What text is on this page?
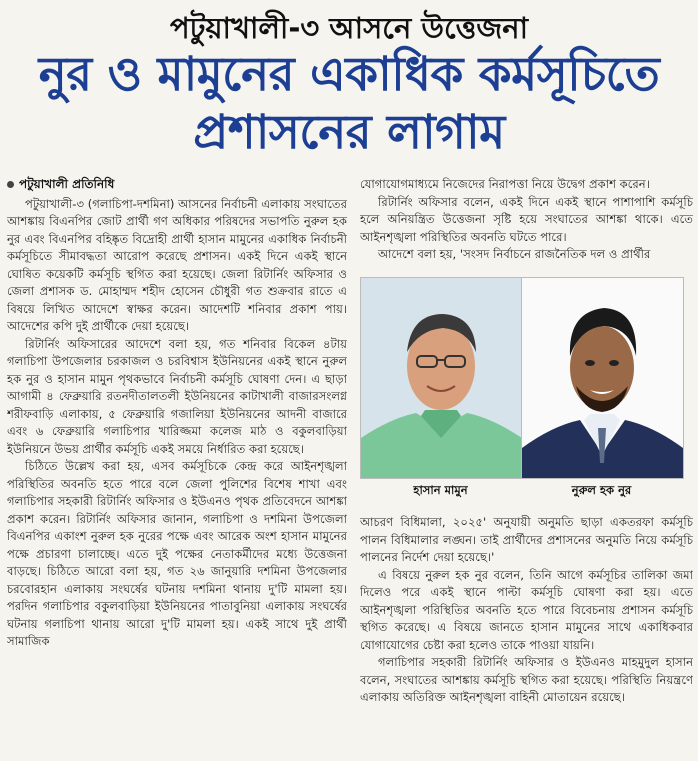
পটুয়াখালী-৩ আসনে উত্তেজনা
নুর ও মামুনের একাধিক কর্মসূচিতে
প্রশাসনের লাগাম
পটুয়াখালী প্রতিনিধি

পটুয়াখালী-৩ (গলাচিপা-দশমিনা) আসনের নির্বাচনী এলাকায় সংঘাতের আশঙ্কায় বিএনপির জোট প্রার্থী গণ অধিকার পরিষদের সভাপতি নুরুল হক নুর এবং বিএনপির বহিষ্কৃত বিদ্রোহী প্রার্থী হাসান মামুনের একাধিক নির্বাচনী কর্মসূচিতে সীমাবদ্ধতা আরোপ করেছে প্রশাসন। একই দিনে একই স্থানে ঘোষিত কয়েকটি কর্মসূচি স্থগিত করা হয়েছে। জেলা রিটার্নিং অফিসার ও জেলা প্রশাসক ড. মোহাম্মদ শহীদ হোসেন চৌধুরী গত শুক্রবার রাতে এ বিষয়ে লিখিত আদেশে স্বাক্ষর করেন। আদেশটি শনিবার প্রকাশ পায়। আদেশের কপি দুই প্রার্থীকে দেয়া হয়েছে।

রিটার্নিং অফিসারের আদেশে বলা হয়, গত শনিবার বিকেল ৪টায় গলাচিপা উপজেলার চরকাজল ও চরবিশ্বাস ইউনিয়নের একই স্থানে নুরুল হক নুর ও হাসান মামুন পৃথকভাবে নির্বাচনী কর্মসূচি ঘোষণা দেন। এ ছাড়া আগামী ৪ ফেব্রুয়ারি রতনদীতালতলী ইউনিয়নের কাটাখালী বাজারসংলগ্ন শরীফবাড়ি এলাকায়, ৫ ফেব্রুয়ারি গজালিয়া ইউনিয়নের আদনী বাজারে এবং ৬ ফেব্রুয়ারি গলাচিপার খারিজ্জমা কলেজ মাঠ ও বকুলবাড়িয়া ইউনিয়নে উভয় প্রার্থীর কর্মসূচি একই সময়ে নির্ধারিত করা হয়েছে।

চিঠিতে উল্লেখ করা হয়, এসব কর্মসূচিকে কেন্দ্র করে আইনশৃঙ্খলা পরিস্থিতির অবনতি হতে পারে বলে জেলা পুলিশের বিশেষ শাখা এবং গলাচিপার সহকারী রিটার্নিং অফিসার ও ইউএনও পৃথক প্রতিবেদনে আশঙ্কা প্রকাশ করেন। রিটার্নিং অফিসার জানান, গলাচিপা ও দশমিনা উপজেলা বিএনপির একাংশ নুরুল হক নুরের পক্ষে এবং আরেক অংশ হাসান মামুনের পক্ষে প্রচারণা চালাচ্ছে। এতে দুই পক্ষের নেতাকর্মীদের মধ্যে উত্তেজনা বাড়ছে। চিঠিতে আরো বলা হয়, গত ২৬ জানুয়ারি দশমিনা উপজেলার চরবোরহান এলাকায় সংঘর্ষের ঘটনায় দশমিনা থানায় দু'টি মামলা হয়। পরদিন গলাচিপার বকুলবাড়িয়া ইউনিয়নের পাতাবুনিয়া এলাকায় সংঘর্ষের ঘটনায় গলাচিপা থানায় আরো দু'টি মামলা হয়। একই সাথে দুই প্রার্থী সামাজিক

যোগাযোগমাধ্যমে নিজেদের নিরাপত্তা নিয়ে উদ্বেগ প্রকাশ করেন।

রিটার্নিং অফিসার বলেন, একই দিনে একই স্থানে পাশাপাশি কর্মসূচি হলে অনিয়ন্ত্রিত উত্তেজনা সৃষ্টি হয়ে সংঘাতের আশঙ্কা থাকে। এতে আইনশৃঙ্খলা পরিস্থিতির অবনতি ঘটতে পারে।

আদেশে বলা হয়, 'সংসদ নির্বাচনে রাজনৈতিক দল ও প্রার্থীর

হাসান মামুন	নুরুল হক নুর

আচরণ বিধিমালা, ২০২৫' অনুযায়ী অনুমতি ছাড়া একতরফা কর্মসূচি পালন বিধিমালার লঙ্ঘন। তাই প্রার্থীদের প্রশাসনের অনুমতি নিয়ে কর্মসূচি পালনের নির্দেশ দেয়া হয়েছে।'

এ বিষয়ে নুরুল হক নুর বলেন, তিনি আগে কর্মসূচির তালিকা জমা দিলেও পরে একই স্থানে পাল্টা কর্মসূচি ঘোষণা করা হয়। এতে আইনশৃঙ্খলা পরিস্থিতির অবনতি হতে পারে বিবেচনায় প্রশাসন কর্মসূচি স্থগিত করেছে। এ বিষয়ে জানতে হাসান মামুনের সাথে একাধিকবার যোগাযোগের চেষ্টা করা হলেও তাকে পাওয়া যায়নি।

গলাচিপার সহকারী রিটার্নিং অফিসার ও ইউএনও মাহমুদুল হাসান বলেন, সংঘাতের আশঙ্কায় কর্মসূচি স্থগিত করা হয়েছে। পরিস্থিতি নিয়ন্ত্রণে এলাকায় অতিরিক্ত আইনশৃঙ্খলা বাহিনী মোতায়েন রয়েছে।
